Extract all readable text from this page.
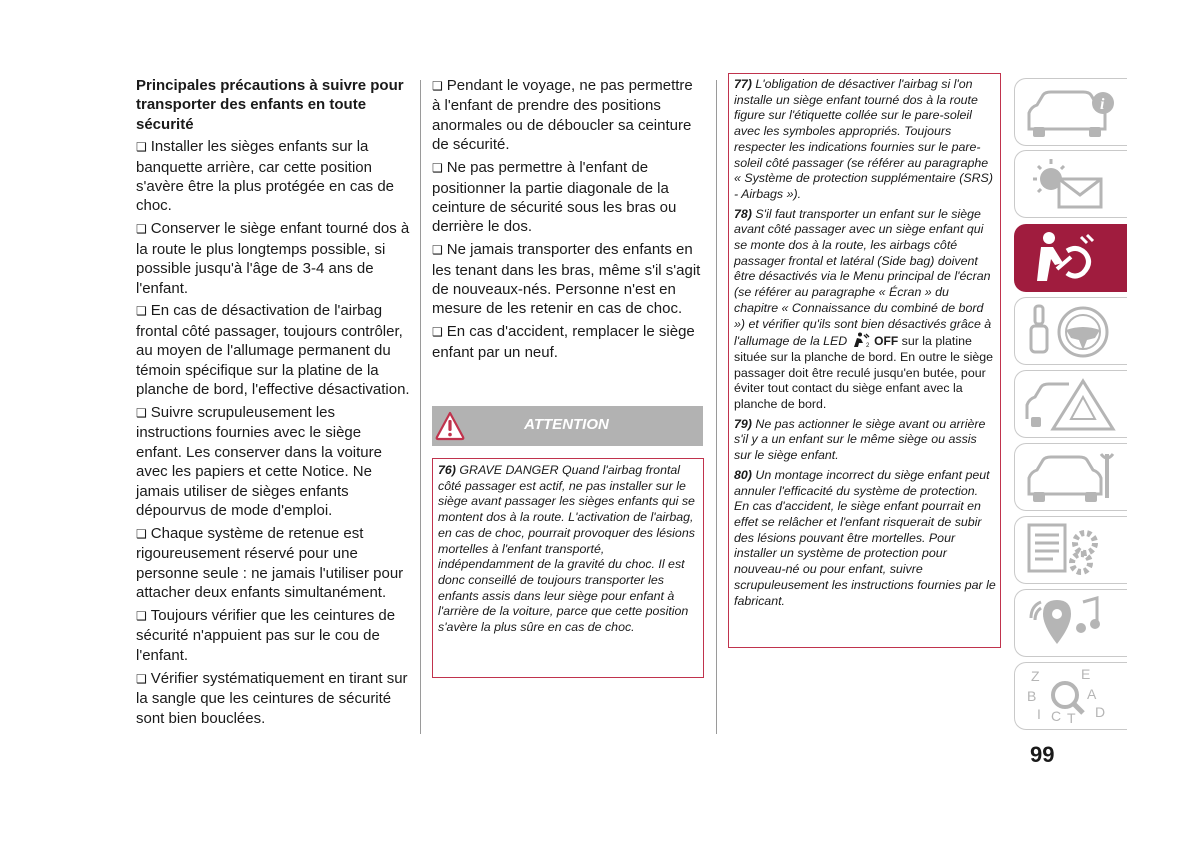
Principales précautions à suivre pour transporter des enfants en toute sécurité

❑ Installer les sièges enfants sur la banquette arrière, car cette position s'avère être la plus protégée en cas de choc.

❑ Conserver le siège enfant tourné dos à la route le plus longtemps possible, si possible jusqu'à l'âge de 3-4 ans de l'enfant.

❑ En cas de désactivation de l'airbag frontal côté passager, toujours contrôler, au moyen de l'allumage permanent du témoin spécifique sur la platine de la planche de bord, l'effective désactivation.

❑ Suivre scrupuleusement les instructions fournies avec le siège enfant. Les conserver dans la voiture avec les papiers et cette Notice. Ne jamais utiliser de sièges enfants dépourvus de mode d'emploi.

❑ Chaque système de retenue est rigoureusement réservé pour une personne seule : ne jamais l'utiliser pour attacher deux enfants simultanément.

❑ Toujours vérifier que les ceintures de sécurité n'appuient pas sur le cou de l'enfant.

❑ Vérifier systématiquement en tirant sur la sangle que les ceintures de sécurité sont bien bouclées.

❑ Pendant le voyage, ne pas permettre à l'enfant de prendre des positions anormales ou de déboucler sa ceinture de sécurité.

❑ Ne pas permettre à l'enfant de positionner la partie diagonale de la ceinture de sécurité sous les bras ou derrière le dos.

❑ Ne jamais transporter des enfants en les tenant dans les bras, même s'il s'agit de nouveaux-nés. Personne n'est en mesure de les retenir en cas de choc.

❑ En cas d'accident, remplacer le siège enfant par un neuf.

ATTENTION
76) GRAVE DANGER Quand l'airbag frontal côté passager est actif, ne pas installer sur le siège avant passager les sièges enfants qui se montent dos à la route. L'activation de l'airbag, en cas de choc, pourrait provoquer des lésions mortelles à l'enfant transporté, indépendamment de la gravité du choc. Il est donc conseillé de toujours transporter les enfants assis dans leur siège pour enfant à l'arrière de la voiture, parce que cette position s'avère la plus sûre en cas de choc.

77) L'obligation de désactiver l'airbag si l'on installe un siège enfant tourné dos à la route figure sur l'étiquette collée sur le pare-soleil avec les symboles appropriés. Toujours respecter les indications fournies sur le pare-soleil côté passager (se référer au paragraphe « Système de protection supplémentaire (SRS) - Airbags »).

78) S'il faut transporter un enfant sur le siège avant côté passager avec un siège enfant qui se monte dos à la route, les airbags côté passager frontal et latéral (Side bag) doivent être désactivés via le Menu principal de l'écran (se référer au paragraphe « Écran » du chapitre « Connaissance du combiné de bord ») et vérifier qu'ils sont bien désactivés grâce à l'allumage de la LED	2 OFF sur la platine située sur la planche de bord. En outre le siège passager doit être reculé jusqu'en butée, pour éviter tout contact du siège enfant avec la planche de bord.

79) Ne pas actionner le siège avant ou arrière s'il y a un enfant sur le même siège ou assis sur le siège enfant.

80) Un montage incorrect du siège enfant peut annuler l'efficacité du système de protection. En cas d'accident, le siège enfant pourrait en effet se relâcher et l'enfant risquerait de subir des lésions pouvant être mortelles. Pour installer un système de protection pour nouveau-né ou pour enfant, suivre scrupuleusement les instructions fournies par le fabricant.

i
Z	E
B	A
I C T D
99
